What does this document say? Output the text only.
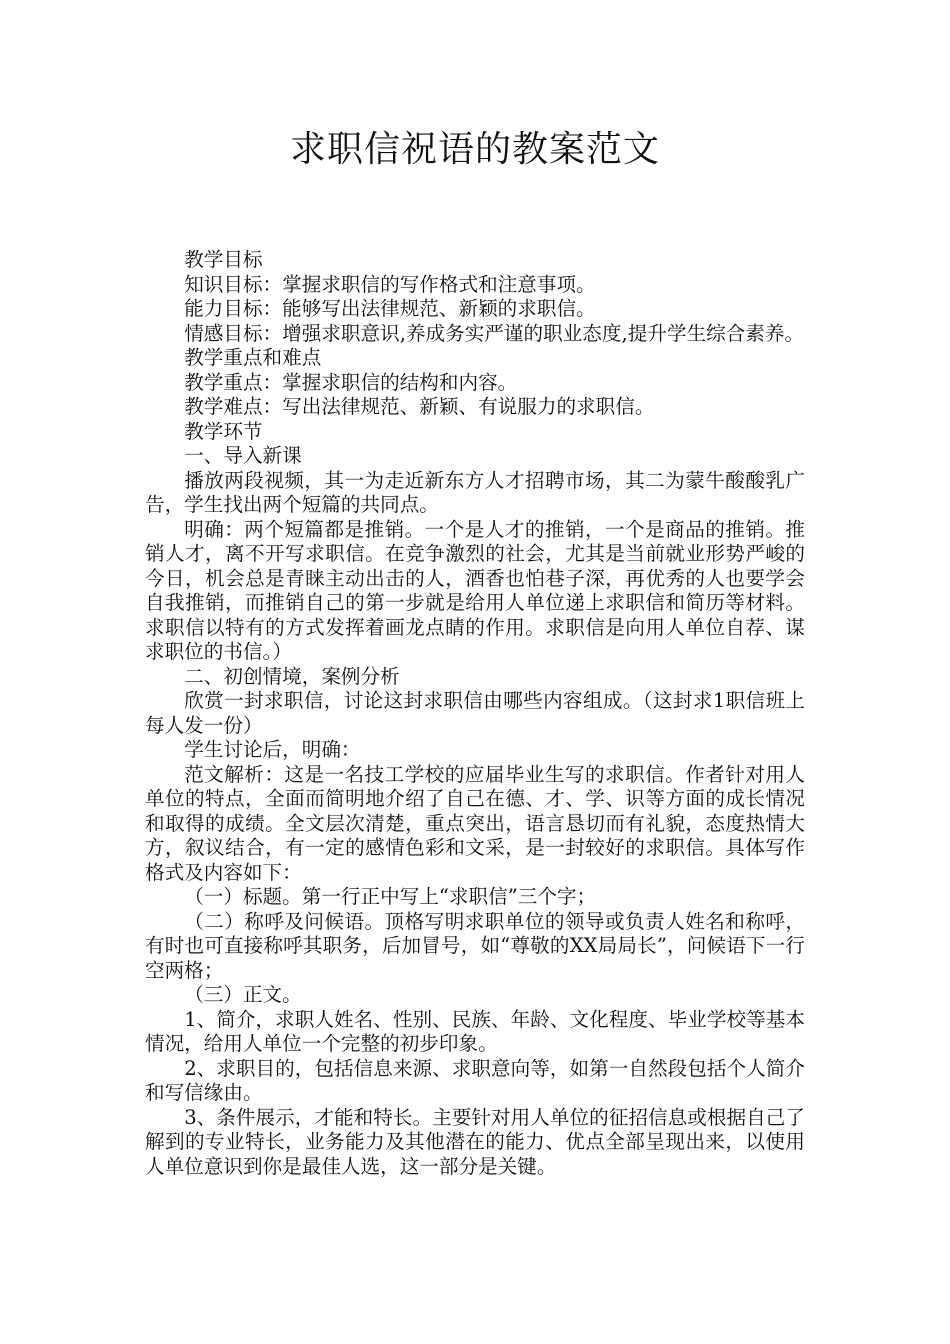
求职信祝语的教案范文

教学目标

知识目标：掌握求职信的写作格式和注意事项。

能力目标：能够写出法律规范、新颖的求职信。

情感目标：增强求职意识,养成务实严谨的职业态度,提升学生综合素养。

教学重点和难点

教学重点：掌握求职信的结构和内容。

教学难点：写出法律规范、新颖、有说服力的求职信。

教学环节

一、导入新课

播放两段视频，其一为走近新东方人才招聘市场，其二为蒙牛酸酸乳广告，学生找出两个短篇的共同点。

明确：两个短篇都是推销。一个是人才的推销，一个是商品的推销。推销人才，离不开写求职信。在竞争激烈的社会，尤其是当前就业形势严峻的今日，机会总是青睐主动出击的人，酒香也怕巷子深，再优秀的人也要学会自我推销，而推销自己的第一步就是给用人单位递上求职信和简历等材料。求职信以特有的方式发挥着画龙点睛的作用。求职信是向用人单位自荐、谋求职位的书信。）

二、初创情境，案例分析

欣赏一封求职信，讨论这封求职信由哪些内容组成。（这封求1职信班上每人发一份）

学生讨论后，明确：

范文解析：这是一名技工学校的应届毕业生写的求职信。作者针对用人单位的特点，全面而简明地介绍了自己在德、才、学、识等方面的成长情况和取得的成绩。全文层次清楚，重点突出，语言恳切而有礼貌，态度热情大方，叙议结合，有一定的感情色彩和文采，是一封较好的求职信。具体写作格式及内容如下：

（一）标题。第一行正中写上“求职信”三个字；

（二）称呼及问候语。顶格写明求职单位的领导或负责人姓名和称呼，有时也可直接称呼其职务，后加冒号，如“尊敬的XX局局长”，问候语下一行空两格；

（三）正文。

1、简介，求职人姓名、性别、民族、年龄、文化程度、毕业学校等基本情况，给用人单位一个完整的初步印象。

2、求职目的，包括信息来源、求职意向等，如第一自然段包括个人简介和写信缘由。

3、条件展示，才能和特长。主要针对用人单位的征招信息或根据自己了解到的专业特长，业务能力及其他潜在的能力、优点全部呈现出来，以使用人单位意识到你是最佳人选，这一部分是关键。
